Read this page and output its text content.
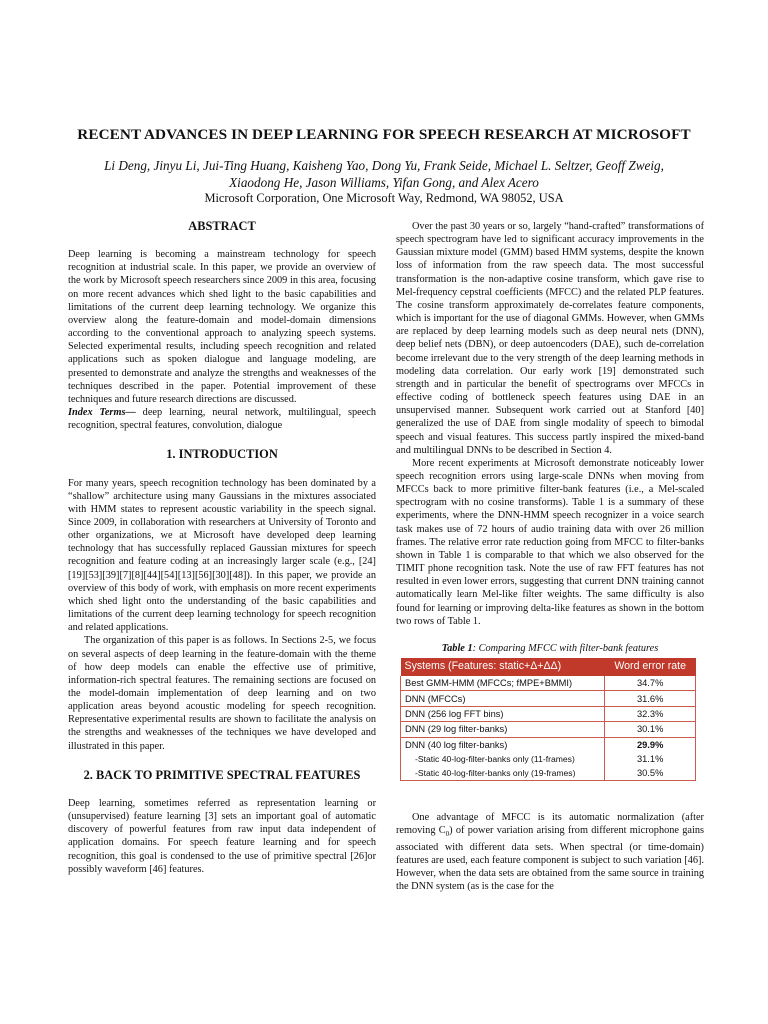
RECENT ADVANCES IN DEEP LEARNING FOR SPEECH RESEARCH AT MICROSOFT
Li Deng, Jinyu Li, Jui-Ting Huang, Kaisheng Yao, Dong Yu, Frank Seide, Michael L. Seltzer, Geoff Zweig,
Xiaodong He, Jason Williams, Yifan Gong, and Alex Acero
Microsoft Corporation, One Microsoft Way, Redmond, WA 98052, USA
ABSTRACT

Deep learning is becoming a mainstream technology for speech recognition at industrial scale. In this paper, we provide an overview of the work by Microsoft speech researchers since 2009 in this area, focusing on more recent advances which shed light to the basic capabilities and limitations of the current deep learning technology. We organize this overview along the feature-domain and model-domain dimensions according to the conventional approach to analyzing speech systems. Selected experimental results, including speech recognition and related applications such as spoken dialogue and language modeling, are presented to demonstrate and analyze the strengths and weaknesses of the techniques described in the paper. Potential improvement of these techniques and future research directions are discussed.

Index Terms— deep learning, neural network, multilingual, speech recognition, spectral features, convolution, dialogue

1. INTRODUCTION

For many years, speech recognition technology has been dominated by a “shallow” architecture using many Gaussians in the mixtures associated with HMM states to represent acoustic variability in the speech signal. Since 2009, in collaboration with researchers at University of Toronto and other organizations, we at Microsoft have developed deep learning technology that has successfully replaced Gaussian mixtures for speech recognition and feature coding at an increasingly larger scale (e.g., [24][19][53][39][7][8][44][54][13][56][30][48]). In this paper, we provide an overview of this body of work, with emphasis on more recent experiments which shed light onto the understanding of the basic capabilities and limitations of the current deep learning technology for speech recognition and related applications.

The organization of this paper is as follows. In Sections 2-5, we focus on several aspects of deep learning in the feature-domain with the theme of how deep models can enable the effective use of primitive, information-rich spectral features. The remaining sections are focused on the model-domain implementation of deep learning and on two application areas beyond acoustic modeling for speech recognition. Representative experimental results are shown to facilitate the analysis on the strengths and weaknesses of the techniques we have developed and illustrated in this paper.

2. BACK TO PRIMITIVE SPECTRAL FEATURES

Deep learning, sometimes referred as representation learning or (unsupervised) feature learning [3] sets an important goal of automatic discovery of powerful features from raw input data independent of application domains. For speech feature learning and for speech recognition, this goal is condensed to the use of primitive spectral [26]or possibly waveform [46] features.

Over the past 30 years or so, largely “hand-crafted” transformations of speech spectrogram have led to significant accuracy improvements in the Gaussian mixture model (GMM) based HMM systems, despite the known loss of information from the raw speech data. The most successful transformation is the non-adaptive cosine transform, which gave rise to Mel-frequency cepstral coefficients (MFCC) and the related PLP features. The cosine transform approximately de-correlates feature components, which is important for the use of diagonal GMMs. However, when GMMs are replaced by deep learning models such as deep neural nets (DNN), deep belief nets (DBN), or deep autoencoders (DAE), such de-correlation become irrelevant due to the very strength of the deep learning methods in modeling data correlation. Our early work [19] demonstrated such strength and in particular the benefit of spectrograms over MFCCs in effective coding of bottleneck speech features using DAE in an unsupervised manner. Subsequent work carried out at Stanford [40] generalized the use of DAE from single modality of speech to bimodal speech and visual features. This success partly inspired the mixed-band and multilingual DNNs to be described in Section 4.

More recent experiments at Microsoft demonstrate noticeably lower speech recognition errors using large-scale DNNs when moving from MFCCs back to more primitive filter-bank features (i.e., a Mel-scaled spectrogram with no cosine transforms). Table 1 is a summary of these experiments, where the DNN-HMM speech recognizer in a voice search task makes use of 72 hours of audio training data with over 26 million frames. The relative error rate reduction going from MFCC to filter-banks shown in Table 1 is comparable to that which we also observed for the TIMIT phone recognition task. Note the use of raw FFT features has not resulted in even lower errors, suggesting that current DNN training cannot automatically learn Mel-like filter weights. The same difficulty is also found for learning or improving delta-like features as shown in the bottom two rows of Table 1.

Table 1: Comparing MFCC with filter-bank features

Systems (Features: static+Δ+ΔΔ)	Word error rate
Best GMM-HMM (MFCCs; fMPE+BMMI)	34.7%
DNN (MFCCs)	31.6%
DNN (256 log FFT bins)	32.3%
DNN (29 log filter-banks)	30.1%
DNN (40 log filter-banks)	29.9%
-Static 40-log-filter-banks only (11-frames)	31.1%
-Static 40-log-filter-banks only (19-frames)	30.5%

One advantage of MFCC is its automatic normalization (after removing $C_0$) of power variation arising from different microphone gains associated with different data sets. When spectral (or time-domain) features are used, each feature component is subject to such variation [46]. However, when the data sets are obtained from the same source in training the DNN system (as is the case for the
